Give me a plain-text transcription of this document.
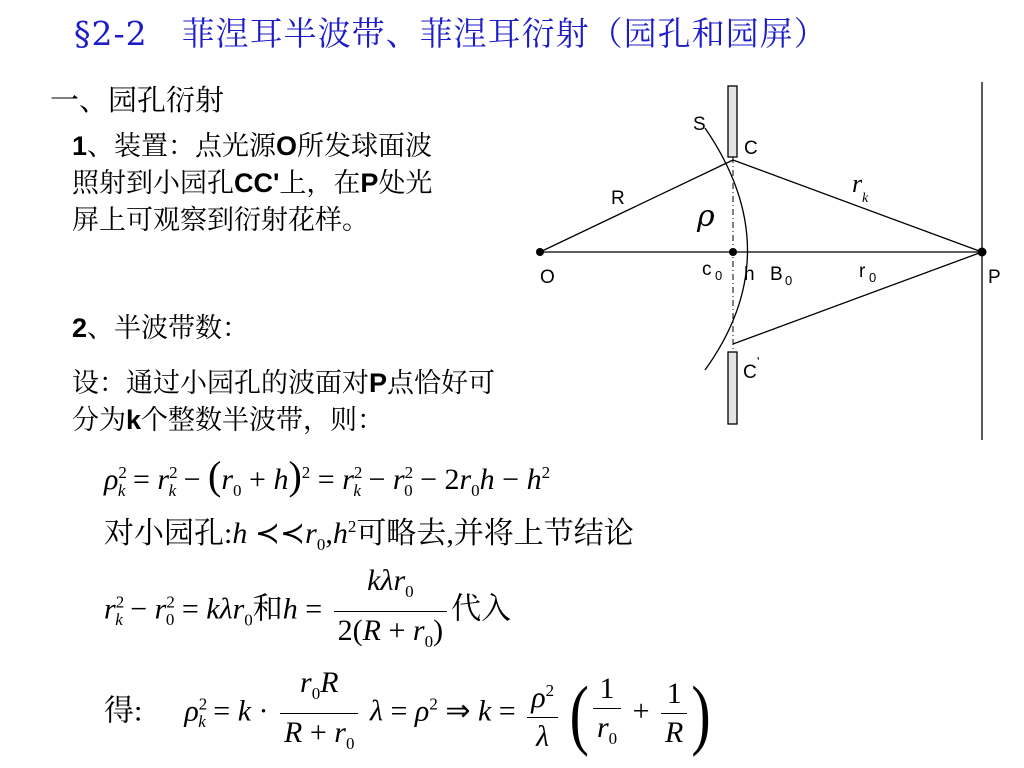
§2-2　菲涅耳半波带、菲涅耳衍射（园孔和园屏）
一、园孔衍射
1、装置：点光源O所发球面波
照射到小园孔CC'上，在P处光
屏上可观察到衍射花样。
2、半波带数：
设：通过小园孔的波面对P点恰好可
分为k个整数半波带，则：
S
C
R
ρ
r
k
O	c 0 h B 0	r 0	P
C
'
$\rho^2_k = r^2_k - (r_0 + h)^2 = r^2_k - r^2_0 - 2r_0h - h^2$
对小园孔:h $≺≺r_0,h^2$可略去,并将上节结论
$r^2_k - r^2_0 = k\lambda r_0$和$h = \frac{k\lambda r_0}{2(R + r_0)}$ 代入
得: $\rho^2_k = k \cdot \frac{r_0R}{R + r_0}$ $\lambda = \rho^2$ ⇒ $k = \frac{\rho^2}{\lambda}$ ( $\frac{1}{r_0} + \frac{1}{R}$ )
